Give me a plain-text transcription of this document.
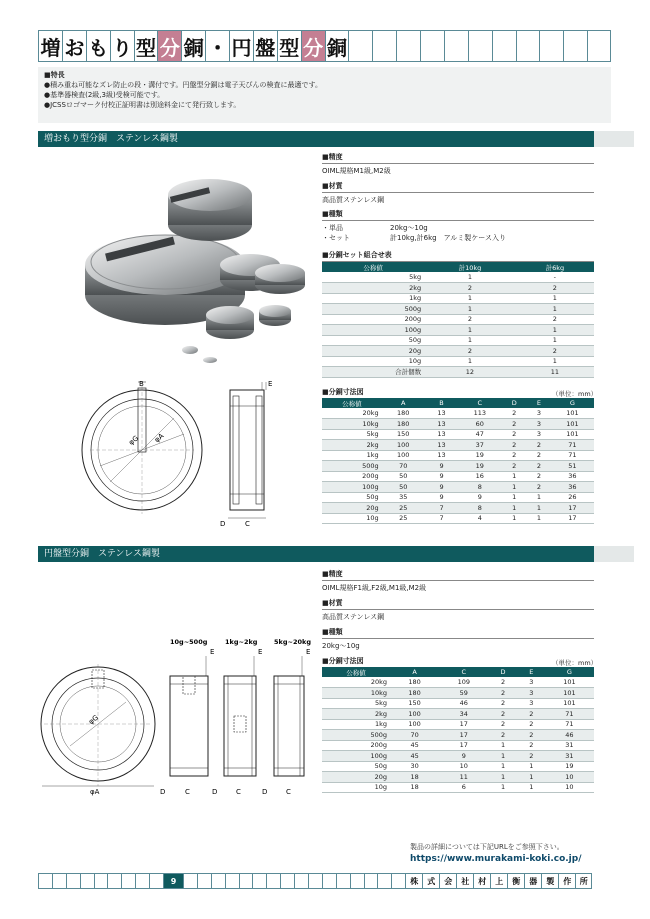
増 お も り 型 分 銅 ・ 円 盤 型 分 銅
■特長
●積み重ね可能なズレ防止の段・溝付です。円盤型分銅は電子天びんの検査に最適です。
●基準器検査(2級,3級)受検可能です。
●JCSSロゴマーク付校正証明書は別途料金にて発行致します。
増おもり型分銅　ステンレス鋼製
B
φG φA
E
D	C
■精度
OIML規格M1級,M2級
■材質
高品質ステンレス鋼
■種類
・単品	20kg～10g
・セット	計10kg,計6kg　アルミ製ケース入り
■分銅セット組合せ表
公称値	計10kg	計6kg
5kg	1	-
2kg	2	2
1kg	1	1
500g	1	1
200g	2	2
100g	1	1
50g	1	1
20g	2	2
10g	1	1
合計個数	12	11
■分銅寸法図	（単位：mm）
公称値	A	B	C	D	E	G
20kg	180	13	113	2	3	101
10kg	180	13	60	2	3	101
5kg	150	13	47	2	3	101
2kg	100	13	37	2	2	71
1kg	100	13	19	2	2	71
500g	70	9	19	2	2	51
200g	50	9	16	1	2	36
100g	50	9	8	1	2	36
50g	35	9	9	1	1	26
20g	25	7	8	1	1	17
10g	25	7	4	1	1	17
円盤型分銅　ステンレス鋼製
■精度
OIML規格F1級,F2級,M1級,M2級
■材質
高品質ステンレス鋼
■種類
20kg～10g
■分銅寸法図	（単位：mm）
公称値	A	C	D	E	G
20kg	180	109	2	3	101
10kg	180	59	2	3	101
5kg	150	46	2	3	101
2kg	100	34	2	2	71
1kg	100	17	2	2	71
500g	70	17	2	2	46
200g	45	17	1	2	31
100g	45	9	1	2	31
50g	30	10	1	1	19
20g	18	11	1	1	10
10g	18	6	1	1	10
φG
φA
10g~500g
E
D	C
1kg~2kg
E
D	C
5kg~20kg
E
D	C
製品の詳細については下記URLをご参照下さい。
https://www.murakami-koki.co.jp/
9	株	式	会	社	村	上	衡	器	製	作	所
